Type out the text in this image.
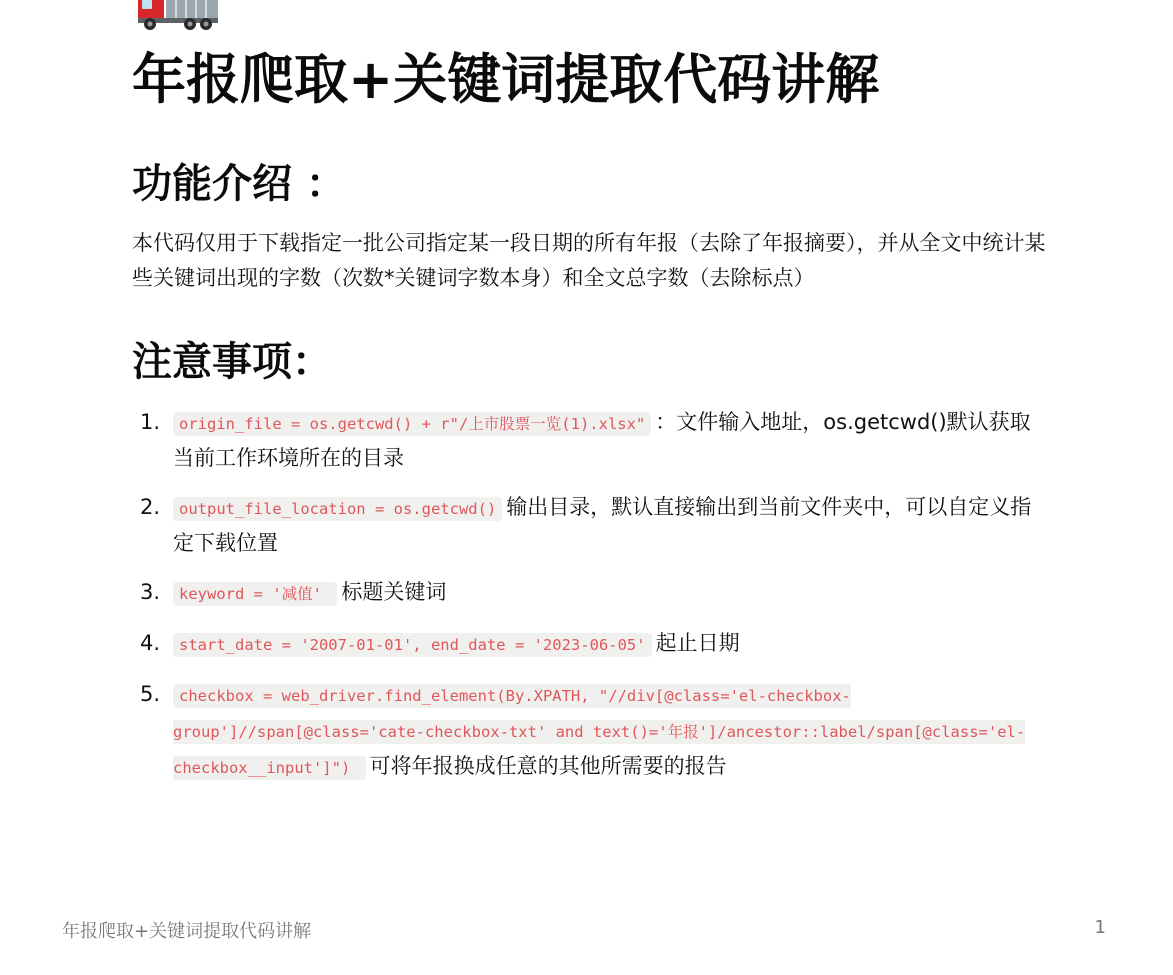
年报爬取+关键词提取代码讲解
功能介绍 ：

本代码仅用于下载指定一批公司指定某一段日期的所有年报（去除了年报摘要），并从全文中统计某些关键词出现的字数（次数*关键词字数本身）和全文总字数（去除标点）

注意事项：
1. origin_file = os.getcwd() + r"/上市股票一览(1).xlsx" ：文件输入地址，os.getcwd()默认获取当前工作环境所在的目录
2. output_file_location = os.getcwd() 输出目录，默认直接输出到当前文件夹中，可以自定义指定下载位置
3. keyword = '减值' 标题关键词
4. start_date = '2007-01-01', end_date = '2023-06-05' 起止日期
5. checkbox = web_driver.find_element(By.XPATH, "//div[@class='el-checkbox-group']//span[@class='cate-checkbox-txt' and text()='年报']/ancestor::label/span[@class='el-checkbox__input']") 可将年报换成任意的其他所需要的报告
年报爬取+关键词提取代码讲解	1
